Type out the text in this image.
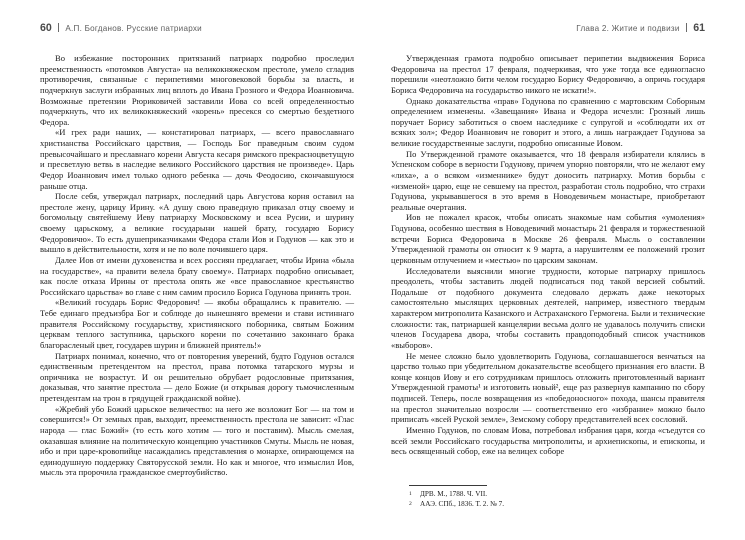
60 А.П. Богданов. Русские патриархи

Во избежание посторонних притязаний патриарх подробно проследил преемственность «потомков Августа» на великокняжеском престоле, умело сгладив противоречия, связанные с перипетиями многовековой борьбы за власть, и подчеркнув заслуги избранных лиц вплоть до Ивана Грозного и Федора Иоанновича. Возможные претензии Рюриковичей заставили Иова со всей определенностью подчеркнуть, что их великокняжеский «корень» пресекся со смертью бездетного Федора.

«И грех ради наших, — констатировал патриарх, — всего православнаго христианства Российскаго царствия, — Господь Бог праведным своим судом превысочайшаго и преславнаго корени Августа кесаря римского прекрасноцветущую и пресветлую ветвь в наследие великого Российского царствия не произведе». Царь Федор Иоаннович имел только одного ребенка — дочь Феодосию, скончавшуюся раньше отца.

После себя, утверждал патриарх, последний царь Августова корня оставил на престоле жену, царицу Ирину. «А душу свою праведную приказал отцу своему и богомольцу святейшему Иеву патриарху Московскому и всеа Русии, и шурину своему царьскому, а великие государыни нашей брату, государю Борису Федоровичю». То есть душеприказчиками Федора стали Иов и Годунов — как это и вышло в действительности, хотя и не по воле почившего царя.

Далее Иов от имени духовенства и всех россиян предлагает, чтобы Ирина «была на государстве», «а правити велела брату своему». Патриарх подробно описывает, как после отказа Ирины от престола опять же «все православное крестьянство Российскаго царьства» во главе с ним самим просило Бориса Годунова принять трон.

«Великий государь Борис Федорович! — якобы обращались к правителю. — Тебе единаго предъизбра Бог и соблюде до нынешняго времени и стави истиннаго правителя Российскому государьству, християнского поборника, святым Божиим церквам теплого заступника, царьского корени по сочетанию законнаго брака благорасленый цвет, государев шурин и ближней приятель!»

Патриарх понимал, конечно, что от повторения уверений, будто Годунов остался единственным претендентом на престол, права потомка татарского мурзы и опричника не возрастут. И он решительно обрубает родословные притязания, доказывая, что занятие престола — дело Божие (и открывая дорогу тьмочисленным претендентам на трон в грядущей гражданской войне).

«Жребий убо Божий царьское величество: на него же возложит Бог — на том и совершится!» От земных прав, выходит, преемственность престола не зависит: «Глас народа — глас Божий» (то есть кого хотим — того и поставим). Мысль смелая, оказавшая влияние на политическую концепцию участников Смуты. Мысль не новая, ибо и при царе-кровопийце насаждались представления о монархе, опирающемся на единодушную поддержку Святорусской земли. Но как и многое, что измыслил Иов, мысль эта пророчила гражданское смертоубийство.

Глава 2. Житие и подвизи 61

Утвержденная грамота подробно описывает перипетии выдвижения Бориса Федоровича на престол 17 февраля, подчеркивая, что уже тогда все единогласно порешили «неотложно бити челом государю Борису Федоровичю, а опричь государя Бориса Федоровича на государьство никого не искати!».

Однако доказательства «прав» Годунова по сравнению с мартовским Соборным определением изменены. «Завещания» Ивана и Федора исчезли: Грозный лишь поручает Борису заботиться о своем наследнике с супругой и «соблюдати их от всяких зол»; Федор Иоаннович не говорит и этого, а лишь награждает Годунова за великие государственные заслуги, подробно описанные Иовом.

По Утвержденной грамоте оказывается, что 18 февраля избиратели клялись в Успенском соборе в верности Годунову, причем упорно повторяли, что не желают ему «лиха», а о всяком «изменнике» будут доносить патриарху. Мотив борьбы с «изменой» царю, еще не севшему на престол, разработан столь подробно, что страхи Годунова, укрывавшегося в это время в Новодевичьем монастыре, приобретают реальные очертания.

Иов не пожалел красок, чтобы описать знакомые нам события «умоления» Годунова, особенно шествия в Новодевичий монастырь 21 февраля и торжественной встречи Бориса Федоровича в Москве 26 февраля. Мысль о составлении Утвержденной грамоты он относит к 9 марта, а нарушителям ее положений грозит церковным отлучением и «местью» по царским законам.

Исследователи выяснили многие трудности, которые патриарху пришлось преодолеть, чтобы заставить людей подписаться под такой версией событий. Подальше от подобного документа следовало держать даже некоторых самостоятельно мыслящих церковных деятелей, например, известного твердым характером митрополита Казанского и Астраханского Гермогена. Были и технические сложности: так, патриаршей канцелярии весьма долго не удавалось получить списки членов Государева двора, чтобы составить правдоподобный список участников «выборов».

Не менее сложно было удовлетворить Годунова, соглашавшегося венчаться на царство только при убедительном доказательстве всеобщего признания его власти. В конце концов Иову и его сотрудникам пришлось отложить приготовленный вариант Утвержденной грамоты¹ и изготовить новый², еще раз развернув кампанию по сбору подписей. Теперь, после возвращения из «победоносного» похода, шансы правителя на престол значительно возросли — соответственно его «избрание» можно было приписать «всей Руской земле», Земскому собору представителей всех сословий.

Именно Годунов, по словам Иова, потребовал избрания царя, когда «съедутся со всей земли Российскаго государьства митрополиты, и архиепископы, и епископы, и весь освященный собор, еже на велицех соборе

1	ДРВ. М., 1788. Ч. VII.
2	ААЭ. СПб., 1836. Т. 2. № 7.
